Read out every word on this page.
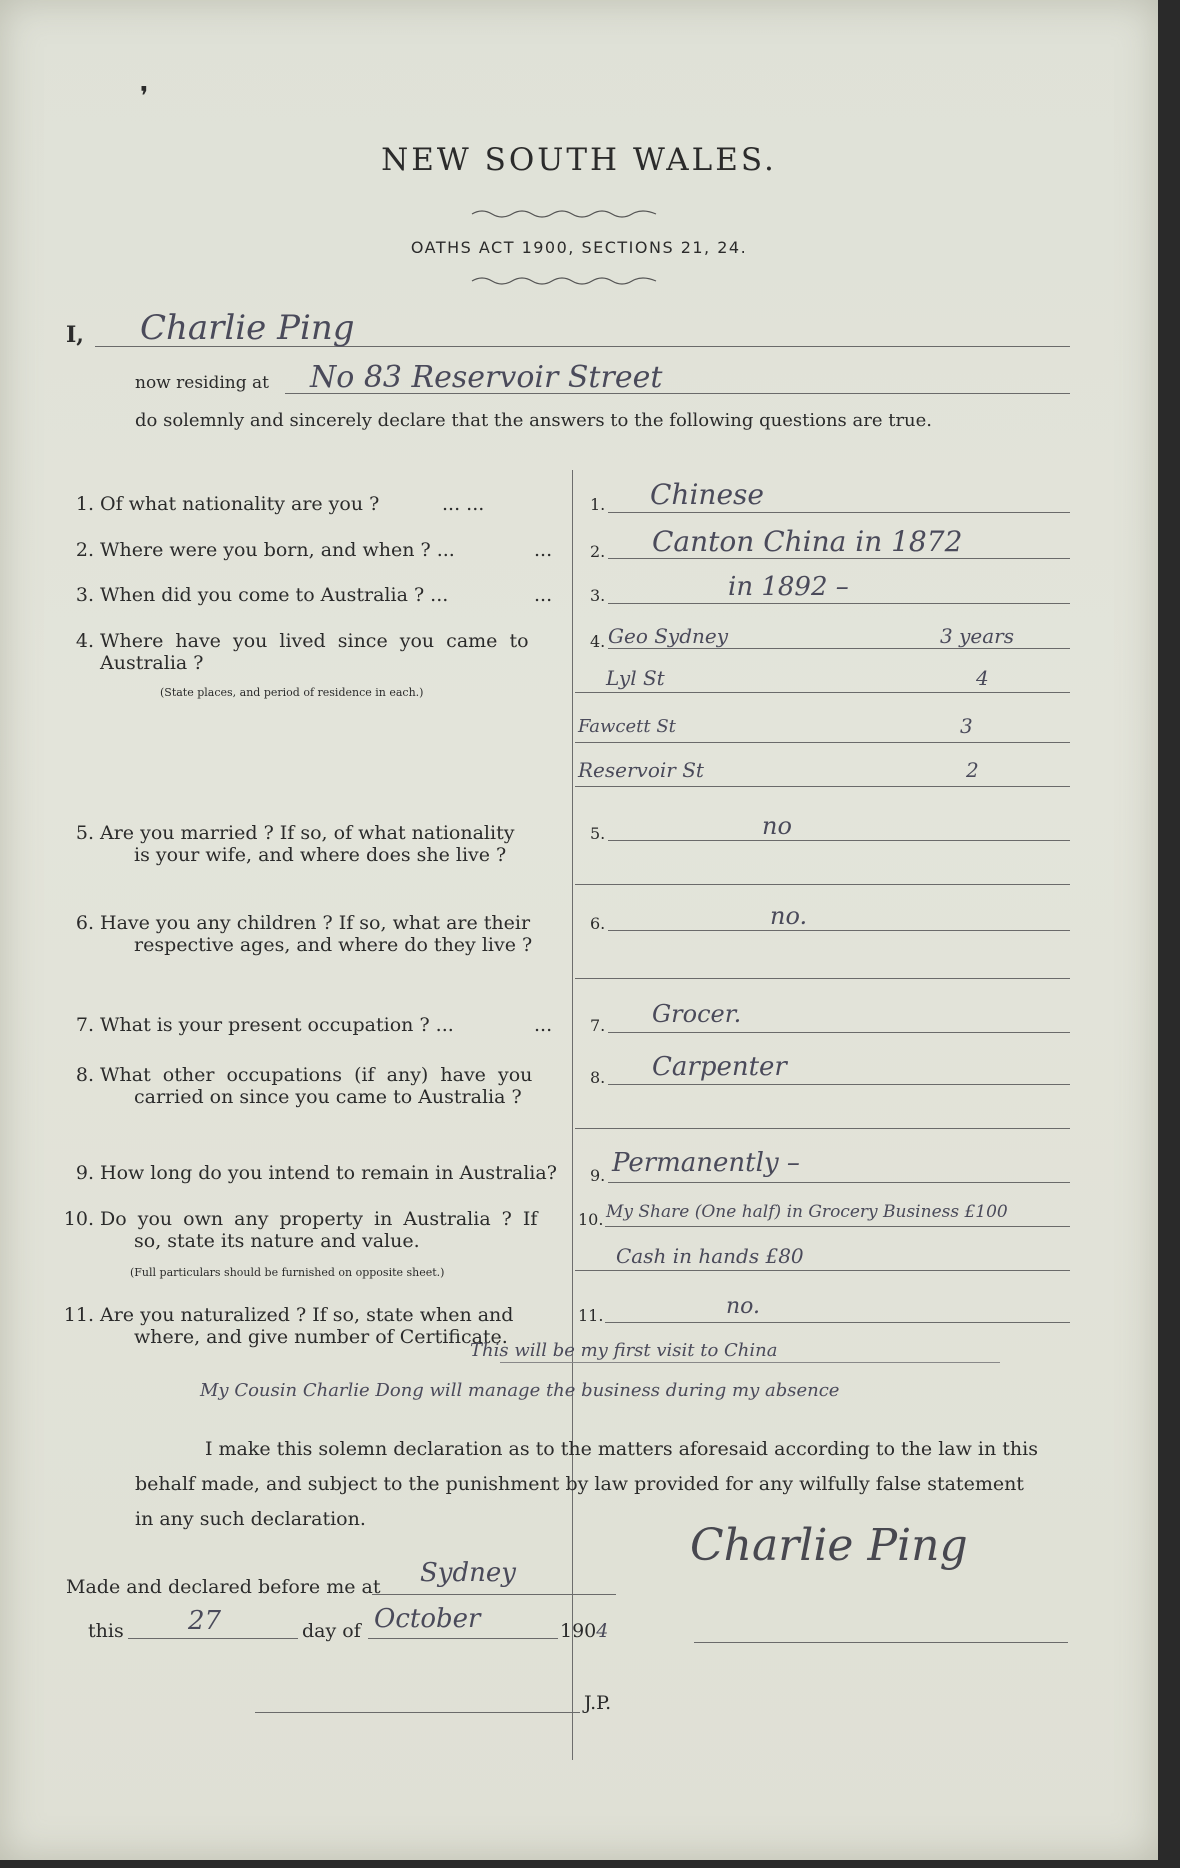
❜
NEW SOUTH WALES.
OATHS ACT 1900, SECTIONS 21, 24.
I, Charlie Ping
now residing at No 83 Reservoir Street
do solemnly and sincerely declare that the answers to the following questions are true.
1. Of what nationality are you ?	... ...	1. Chinese
2. Where were you born, and when ? ...	... 2. Canton China in 1872
3. When did you come to Australia ? ...	... 3.	in 1892 –
4. Where have you lived since you came to
Australia ?
(State places, and period of residence in each.)
4. Geo Sydney	3 years
Lyl St	4
Fawcett St	3
Reservoir St	2
5. Are you married ? If so, of what nationality
is your wife, and where does she live ?
5.	no
6. Have you any children ? If so, what are their
respective ages, and where do they live ?
6.	no.
7. What is your present occupation ? ...	... 7. Grocer.
8. What other occupations (if any) have you
carried on since you came to Australia ?
8. Carpenter
9. How long do you intend to remain in Australia? 9. Permanently –
10. Do you own any property in Australia ? If
so, state its nature and value.
(Full particulars should be furnished on opposite sheet.)
10. My Share (One half) in Grocery Business £100
Cash in hands £80
11. Are you naturalized ? If so, state when and
where, and give number of Certificate.
11.	no.
This will be my first visit to China
My Cousin Charlie Dong will manage the business during my absence
I make this solemn declaration as to the matters aforesaid according to the law in this
behalf made, and subject to the punishment by law provided for any wilfully false statement
in any such declaration.
Made and declared before me at Sydney
Charlie Ping
this 27	day of October	1904
J.P.
